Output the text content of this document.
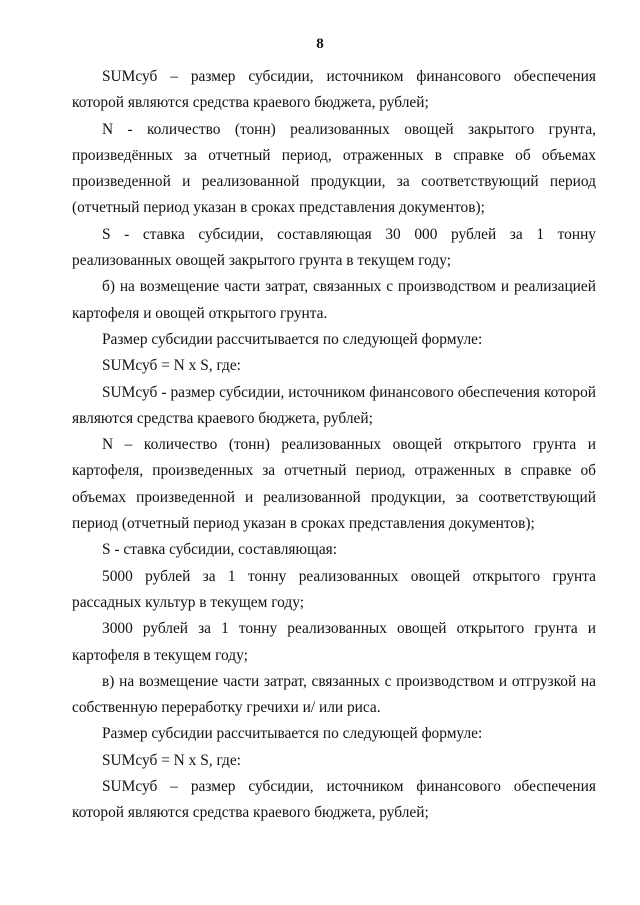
8

SUMсуб – размер субсидии, источником финансового обеспечения которой являются средства краевого бюджета, рублей;

N - количество (тонн) реализованных овощей закрытого грунта, произведённых за отчетный период, отраженных в справке об объемах произведенной и реализованной продукции, за соответствующий период (отчетный период указан в сроках представления документов);

S - ставка субсидии, составляющая 30 000 рублей за 1 тонну реализованных овощей закрытого грунта в текущем году;

б) на возмещение части затрат, связанных с производством и реализацией картофеля и овощей открытого грунта.

Размер субсидии рассчитывается по следующей формуле:

SUMсуб = N x S, где:

SUMсуб - размер субсидии, источником финансового обеспечения которой являются средства краевого бюджета, рублей;

N – количество (тонн) реализованных овощей открытого грунта и картофеля, произведенных за отчетный период, отраженных в справке об объемах произведенной и реализованной продукции, за соответствующий период (отчетный период указан в сроках представления документов);

S - ставка субсидии, составляющая:

5000 рублей за 1 тонну реализованных овощей открытого грунта рассадных культур в текущем году;

3000 рублей за 1 тонну реализованных овощей открытого грунта и картофеля в текущем году;

в) на возмещение части затрат, связанных с производством и отгрузкой на собственную переработку гречихи и/ или риса.

Размер субсидии рассчитывается по следующей формуле:

SUMсуб = N x S, где:

SUMсуб – размер субсидии, источником финансового обеспечения которой являются средства краевого бюджета, рублей;
